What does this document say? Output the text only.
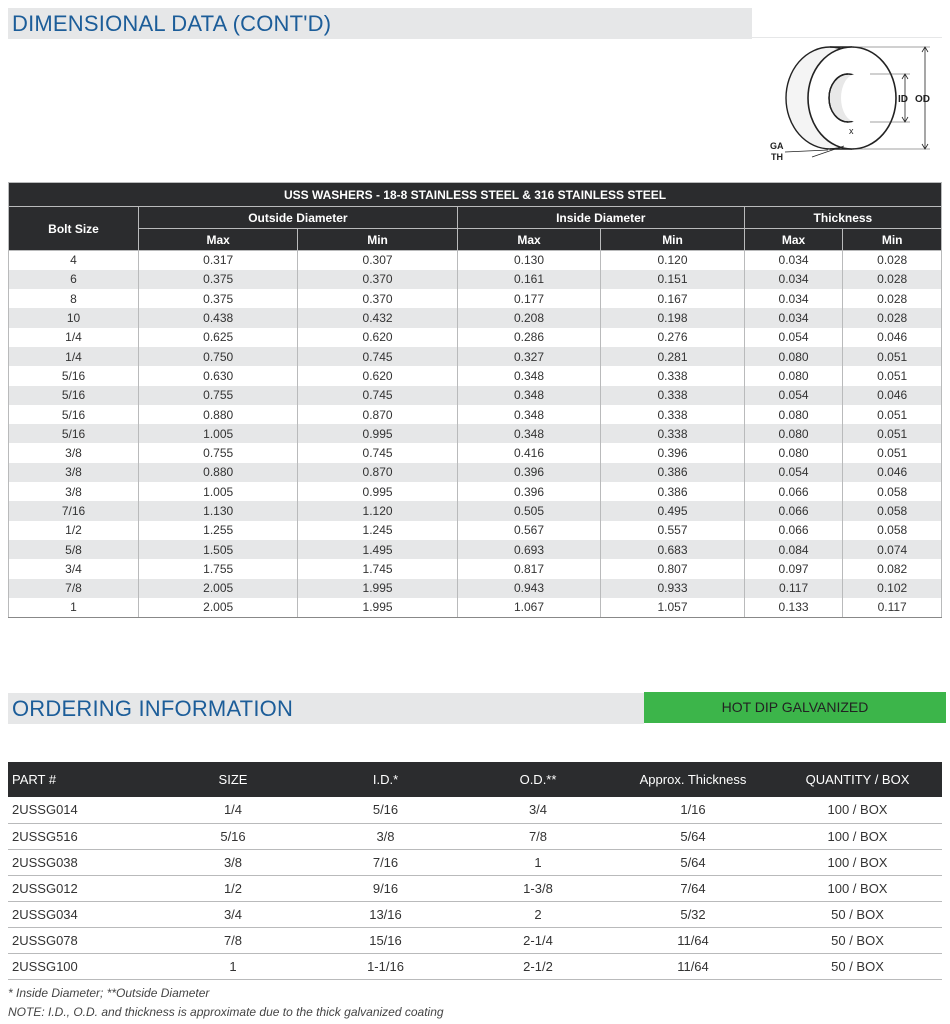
DIMENSIONAL DATA (CONT'D)
x
ID OD
GA
TH
USS WASHERS - 18-8 STAINLESS STEEL & 316 STAINLESS STEEL						
Bolt Size	Outside Diameter		Inside Diameter		Thickness	
	Max	Min	Max	Min	Max	Min
4	0.317	0.307	0.130	0.120	0.034	0.028
6	0.375	0.370	0.161	0.151	0.034	0.028
8	0.375	0.370	0.177	0.167	0.034	0.028
10	0.438	0.432	0.208	0.198	0.034	0.028
1/4	0.625	0.620	0.286	0.276	0.054	0.046
1/4	0.750	0.745	0.327	0.281	0.080	0.051
5/16	0.630	0.620	0.348	0.338	0.080	0.051
5/16	0.755	0.745	0.348	0.338	0.054	0.046
5/16	0.880	0.870	0.348	0.338	0.080	0.051
5/16	1.005	0.995	0.348	0.338	0.080	0.051
3/8	0.755	0.745	0.416	0.396	0.080	0.051
3/8	0.880	0.870	0.396	0.386	0.054	0.046
3/8	1.005	0.995	0.396	0.386	0.066	0.058
7/16	1.130	1.120	0.505	0.495	0.066	0.058
1/2	1.255	1.245	0.567	0.557	0.066	0.058
5/8	1.505	1.495	0.693	0.683	0.084	0.074
3/4	1.755	1.745	0.817	0.807	0.097	0.082
7/8	2.005	1.995	0.943	0.933	0.117	0.102
1	2.005	1.995	1.067	1.057	0.133	0.117
ORDERING INFORMATION	HOT DIP GALVANIZED
PART #	SIZE	I.D.*	O.D.**	Approx. Thickness	QUANTITY / BOX
2USSG014	1/4	5/16	3/4	1/16	100 / BOX
2USSG516	5/16	3/8	7/8	5/64	100 / BOX
2USSG038	3/8	7/16	1	5/64	100 / BOX
2USSG012	1/2	9/16	1-3/8	7/64	100 / BOX
2USSG034	3/4	13/16	2	5/32	50 / BOX
2USSG078	7/8	15/16	2-1/4	11/64	50 / BOX
2USSG100	1	1-1/16	2-1/2	11/64	50 / BOX
* Inside Diameter; **Outside Diameter
NOTE: I.D., O.D. and thickness is approximate due to the thick galvanized coating
